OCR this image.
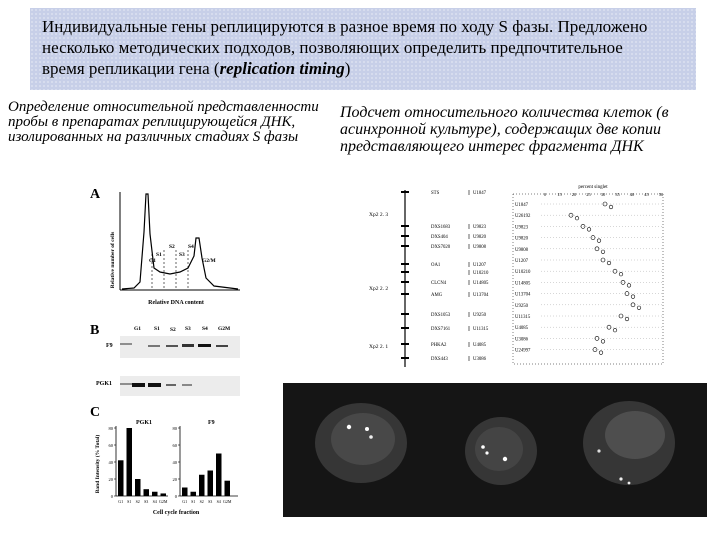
Индивидуальные гены реплицируются в разное время по ходу S фазы. Предложено
несколько методических подходов, позволяющих определить предпочтительное
время репликации гена (replication timing)
Определение относительной представленности пробы в препаратах реплицирующейся ДНК, изолированных на различных стадиях S фазы
Подсчет относительного количества клеток (в асинхронной культуре), содержащих две копии представляющего интерес фрагмента ДНК
A
Relative number of cells	G1
S1
S2
S3
S4
G2/M
Relative DNA content
B	G1 S1 S2 S3 S4 G2M
F9
PGK1
C
Band Intensity (% Total)
PGK1	F9
0
20
40
60
80
0
20
40
60
80
G1 S1 S2 S3 S4 G2M	G1 S1 S2 S3 S4 G2M
Cell cycle fraction
percent singlet
0 15 20 25 30 35 40 45 50
Xp2 2. 3
Xp2 2. 2
Xp2 2. 1
STS	U1847
DXS1683	U9823
DXS404	U9820
DXS7020	U9808
OA1	U1207
U10210
CLCN4	U14805
AMG	U13704
DXS1053	U9250
DXS7161	U11315
PHKA2	U4085
DXS443	U3086
U1847
U26192
U9823
U9820
U9808
U1207
U10210
U14805
U13704
U9250
U11315
U4085
U3086
U24997
